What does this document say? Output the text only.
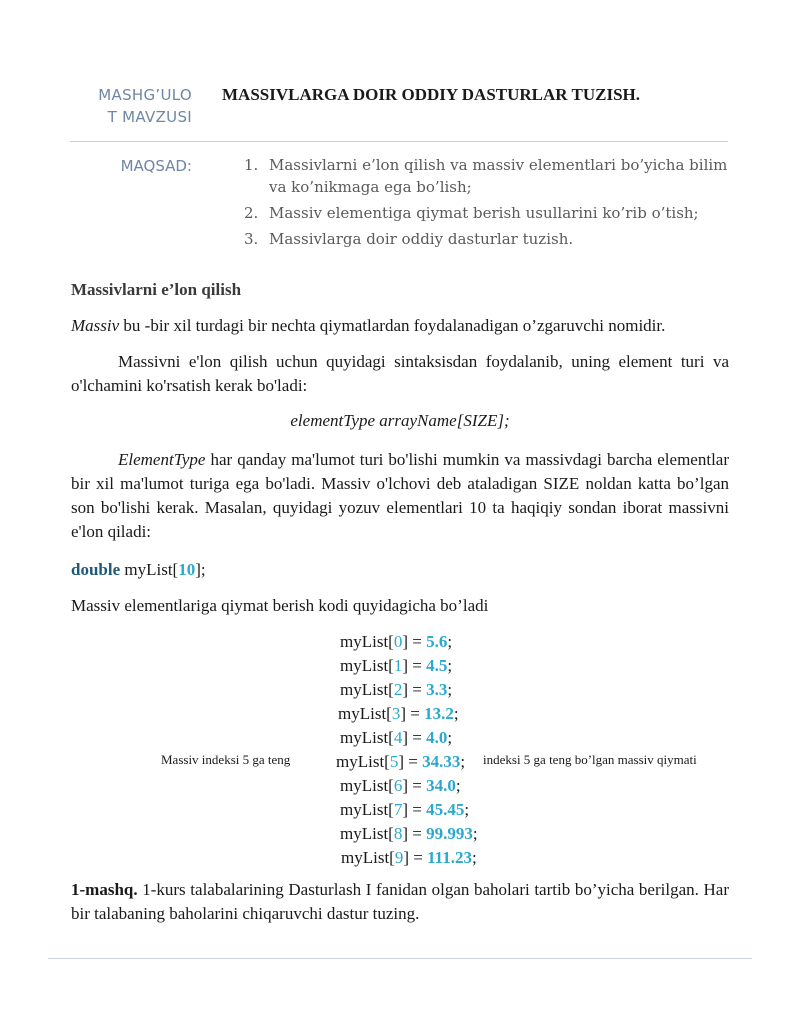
MASHG’ULO
T MAVZUSI
MASSIVLARGA DOIR ODDIY DASTURLAR TUZISH.
MAQSAD:	1. Massivlarni e’lon qilish va massiv elementlari bo’yicha bilim va ko’nikmaga ega bo’lish;
2. Massiv elementiga qiymat berish usullarini ko’rib o’tish;
3. Massivlarga doir oddiy dasturlar tuzish.
Massivlarni e’lon qilish
Massiv bu -bir xil turdagi bir nechta qiymatlardan foydalanadigan o’zgaruvchi nomidir.
Massivni e'lon qilish uchun quyidagi sintaksisdan foydalanib, uning element turi va o'lchamini ko'rsatish kerak bo'ladi:
elementType arrayName[SIZE];
ElementType har qanday ma'lumot turi bo'lishi mumkin va massivdagi barcha elementlar bir xil ma'lumot turiga ega bo'ladi. Massiv o'lchovi deb ataladigan SIZE noldan katta bo’lgan son bo'lishi kerak. Masalan, quyidagi yozuv elementlari 10 ta haqiqiy sondan iborat massivni e'lon qiladi:
double myList[10];
Massiv elementlariga qiymat berish kodi quyidagicha bo’ladi
myList[0] = 5.6;
myList[1] = 4.5;
myList[2] = 3.3;
myList[3] = 13.2;
myList[4] = 4.0;
myList[5] = 34.33;
myList[6] = 34.0;
myList[7] = 45.45;
myList[8] = 99.993;
myList[9] = 111.23;
Massiv indeksi 5 ga teng	indeksi 5 ga teng bo’lgan massiv qiymati
1-mashq. 1-kurs talabalarining Dasturlash I fanidan olgan baholari tartib bo’yicha berilgan. Har bir talabaning baholarini chiqaruvchi dastur tuzing.
